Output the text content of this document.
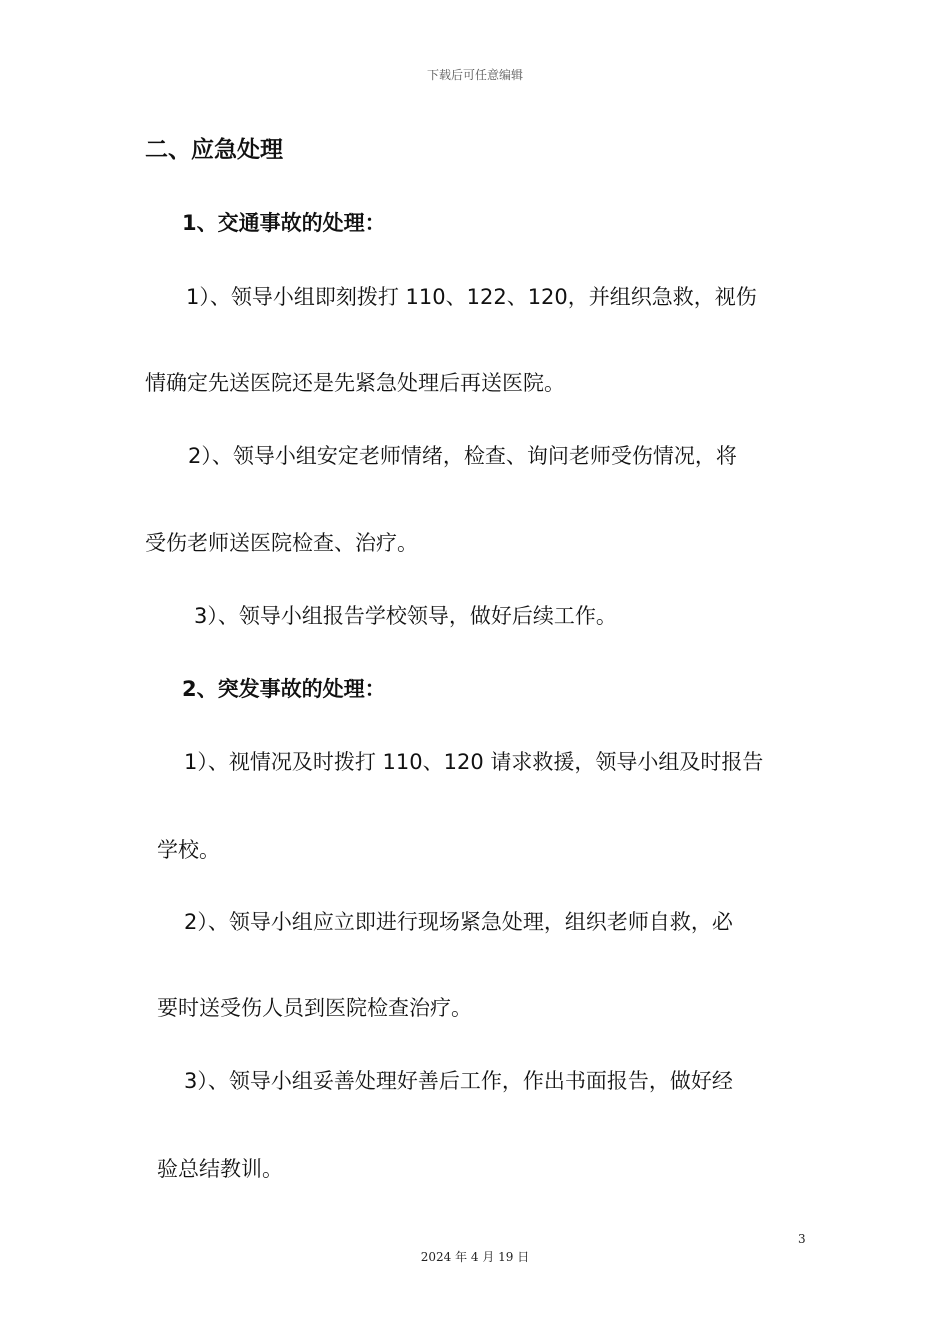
下载后可任意编辑
二、应急处理
1、交通事故的处理：
1）、领导小组即刻拨打 110、122、120，并组织急救，视伤
情确定先送医院还是先紧急处理后再送医院。
2）、领导小组安定老师情绪，检查、询问老师受伤情况，将
受伤老师送医院检查、治疗。
3）、领导小组报告学校领导，做好后续工作。
2、突发事故的处理：
1）、视情况及时拨打 110、120 请求救援，领导小组及时报告
学校。
2）、领导小组应立即进行现场紧急处理，组织老师自救，必
要时送受伤人员到医院检查治疗。
3）、领导小组妥善处理好善后工作，作出书面报告，做好经
验总结教训。
3
2024 年 4 月 19 日
